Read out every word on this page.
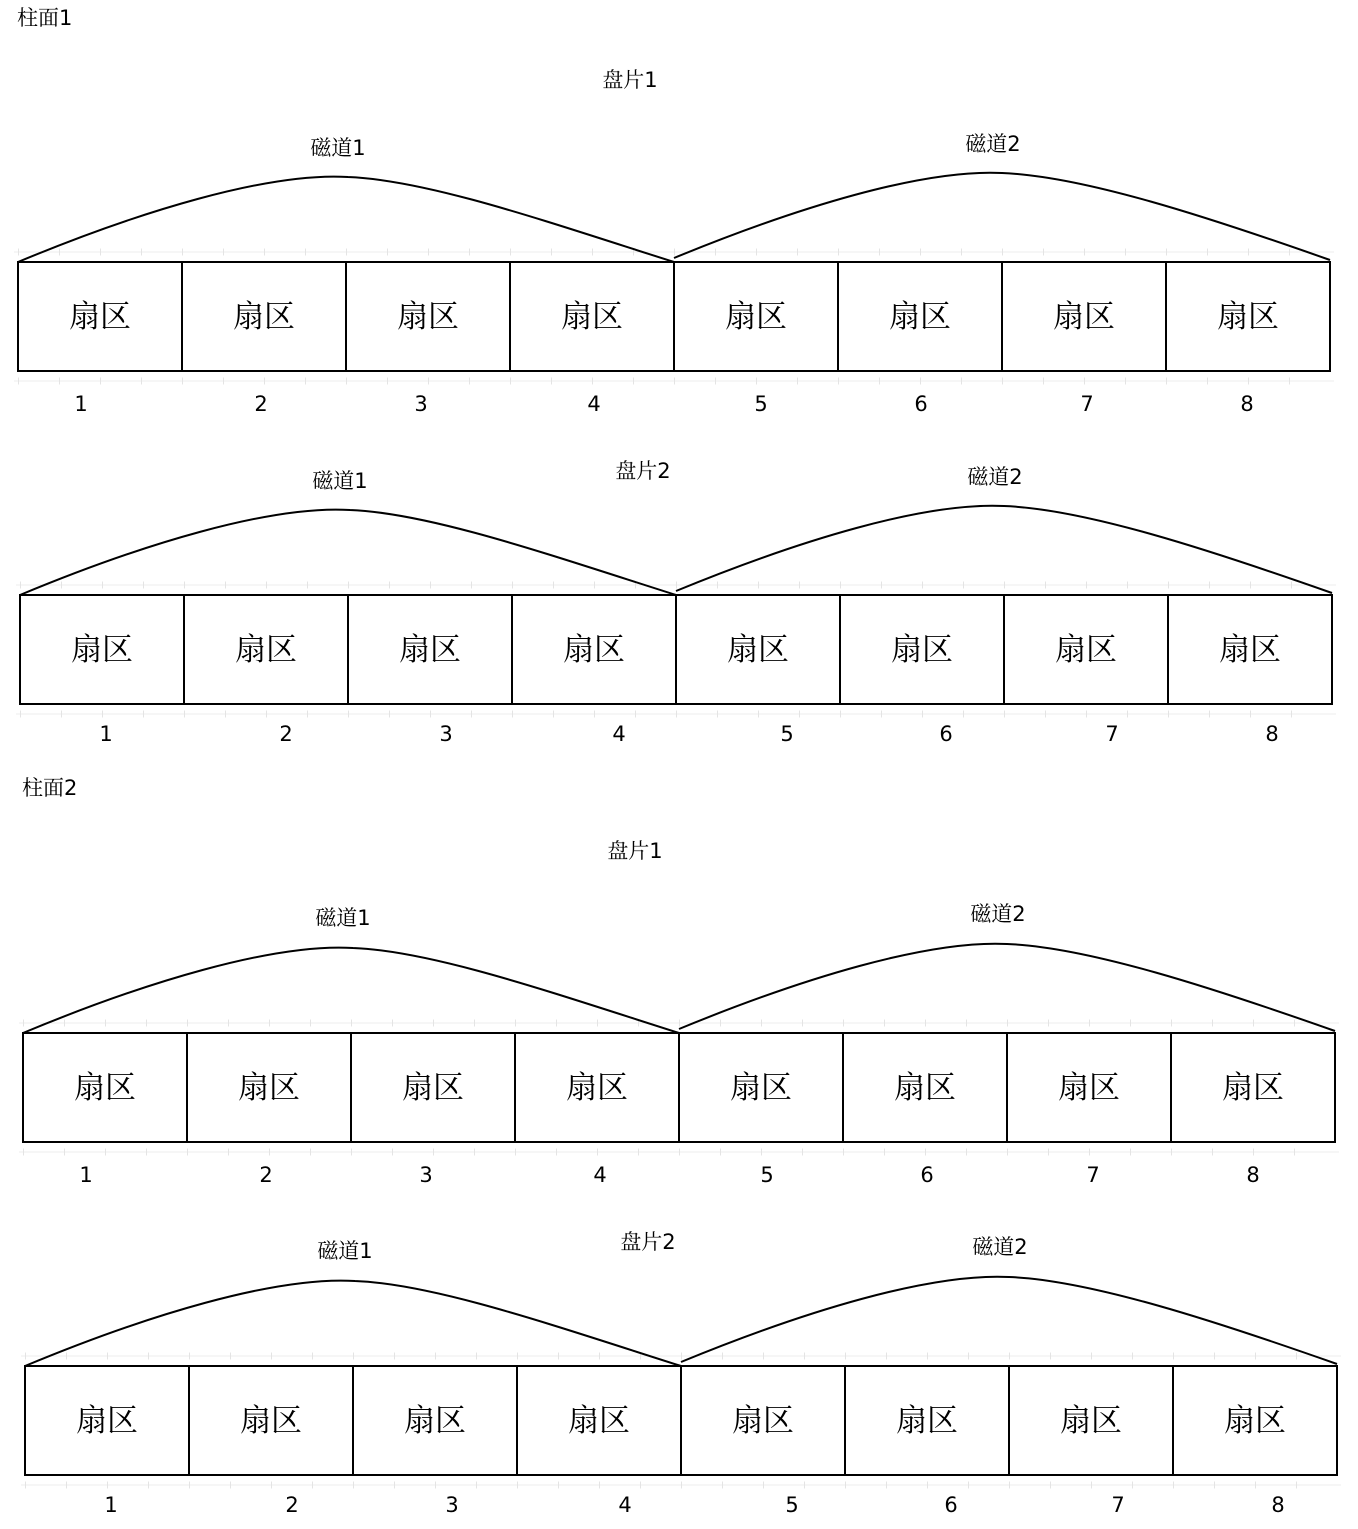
柱面1
盘片1
磁道1	磁道2
扇区	扇区	扇区	扇区	扇区	扇区	扇区	扇区
1	2	3	4	5	6	7	8
盘片2
磁道1	磁道2
扇区	扇区	扇区	扇区	扇区	扇区	扇区	扇区
1	2	3	4	5	6	7	8
柱面2
盘片1
磁道1	磁道2
扇区	扇区	扇区	扇区	扇区	扇区	扇区	扇区
1	2	3	4	5	6	7	8
盘片2
磁道1	磁道2
扇区	扇区	扇区	扇区	扇区	扇区	扇区	扇区
1	2	3	4	5	6	7	8
